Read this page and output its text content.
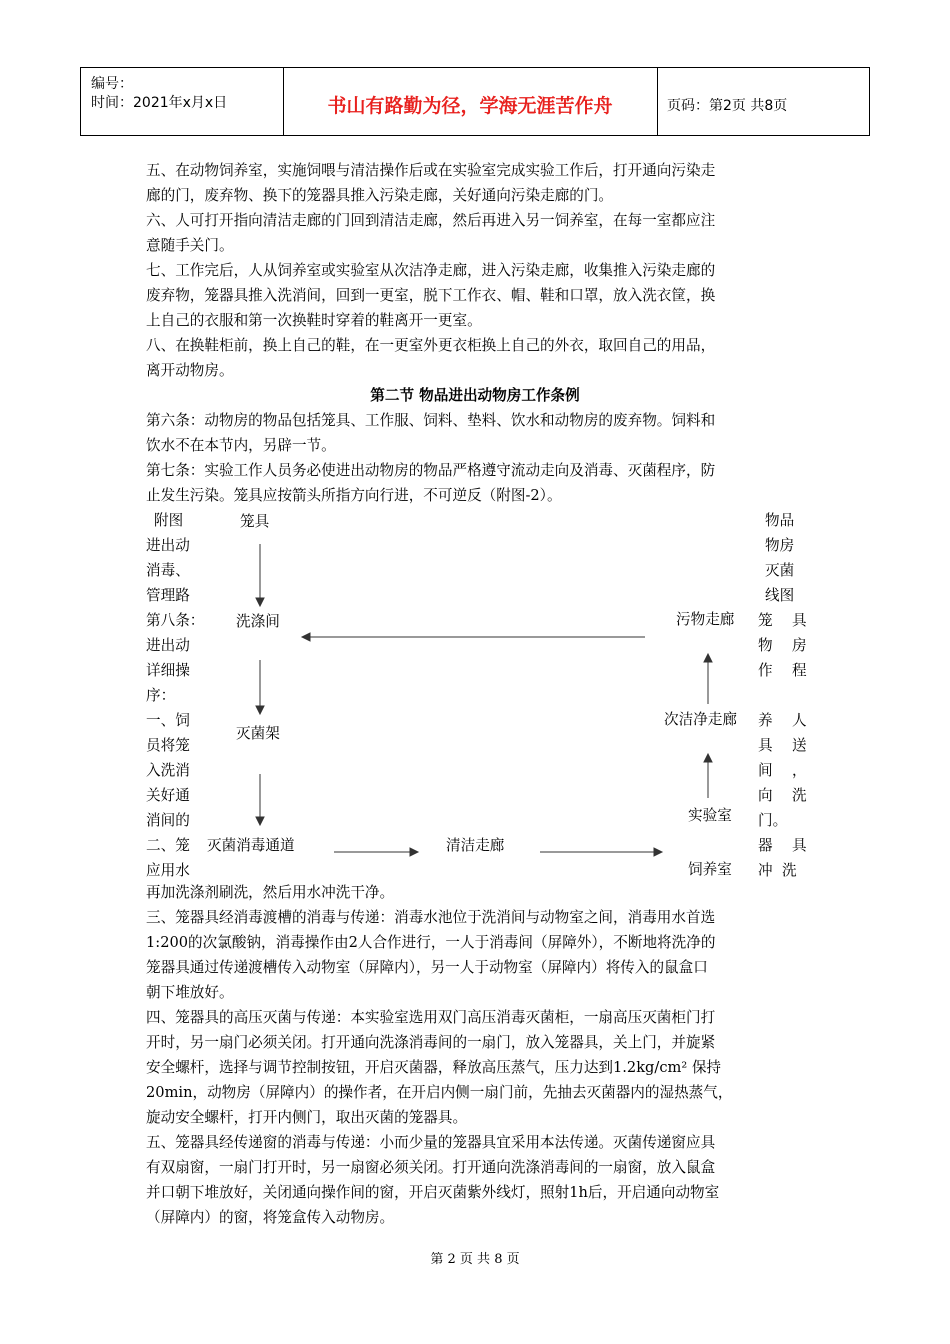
编号：
时间：2021年x月x日	书山有路勤为径，学海无涯苦作舟	页码：第2页 共8页
五、在动物饲养室，实施饲喂与清洁操作后或在实验室完成实验工作后，打开通向污染走
廊的门，废弃物、换下的笼器具推入污染走廊，关好通向污染走廊的门。
六、人可打开指向清洁走廊的门回到清洁走廊，然后再进入另一饲养室，在每一室都应注
意随手关门。
七、工作完后，人从饲养室或实验室从次洁净走廊，进入污染走廊，收集推入污染走廊的
废弃物，笼器具推入洗消间，回到一更室，脱下工作衣、帽、鞋和口罩，放入洗衣筐，换
上自己的衣服和第一次换鞋时穿着的鞋离开一更室。
八、在换鞋柜前，换上自己的鞋，在一更室外更衣柜换上自己的外衣，取回自己的用品，
离开动物房。
第二节 物品进出动物房工作条例
第六条：动物房的物品包括笼具、工作服、饲料、垫料、饮水和动物房的废弃物。饲料和
饮水不在本节内，另辟一节。
第七条：实验工作人员务必使进出动物房的物品严格遵守流动走向及消毒、灭菌程序，防
止发生污染。笼具应按箭头所指方向行进，不可逆反（附图-2）。
附图
进出动
消毒、
管理路
第八条：
进出动
详细操
序：
一、饲
员将笼
入洗消
关好通
消间的
二、笼
应用水
物品
物房
灭菌
线图
笼
物
作
养
具
间
向
门。
器
冲
具
房
程
人
送
，
洗
具
洗
笼具
洗涤间
灭菌架
灭菌消毒通道	清洁走廊
饲养室
实验室
次洁净走廊
污物走廊
再加洗涤剂刷洗，然后用水冲洗干净。
三、笼器具经消毒渡槽的消毒与传递：消毒水池位于洗消间与动物室之间，消毒用水首选
1:200的次氯酸钠，消毒操作由2人合作进行，一人于消毒间（屏障外），不断地将洗净的
笼器具通过传递渡槽传入动物室（屏障内），另一人于动物室（屏障内）将传入的鼠盒口
朝下堆放好。
四、笼器具的高压灭菌与传递：本实验室选用双门高压消毒灭菌柜，一扇高压灭菌柜门打
开时，另一扇门必须关闭。打开通向洗涤消毒间的一扇门，放入笼器具，关上门，并旋紧
安全螺杆，选择与调节控制按钮，开启灭菌器，释放高压蒸气，压力达到1.2kg/cm² 保持
20min，动物房（屏障内）的操作者，在开启内侧一扇门前，先抽去灭菌器内的湿热蒸气，
旋动安全螺杆，打开内侧门，取出灭菌的笼器具。
五、笼器具经传递窗的消毒与传递：小而少量的笼器具宜采用本法传递。灭菌传递窗应具
有双扇窗，一扇门打开时，另一扇窗必须关闭。打开通向洗涤消毒间的一扇窗，放入鼠盒
并口朝下堆放好，关闭通向操作间的窗，开启灭菌紫外线灯，照射1h后，开启通向动物室
（屏障内）的窗，将笼盒传入动物房。
第 2 页 共 8 页
